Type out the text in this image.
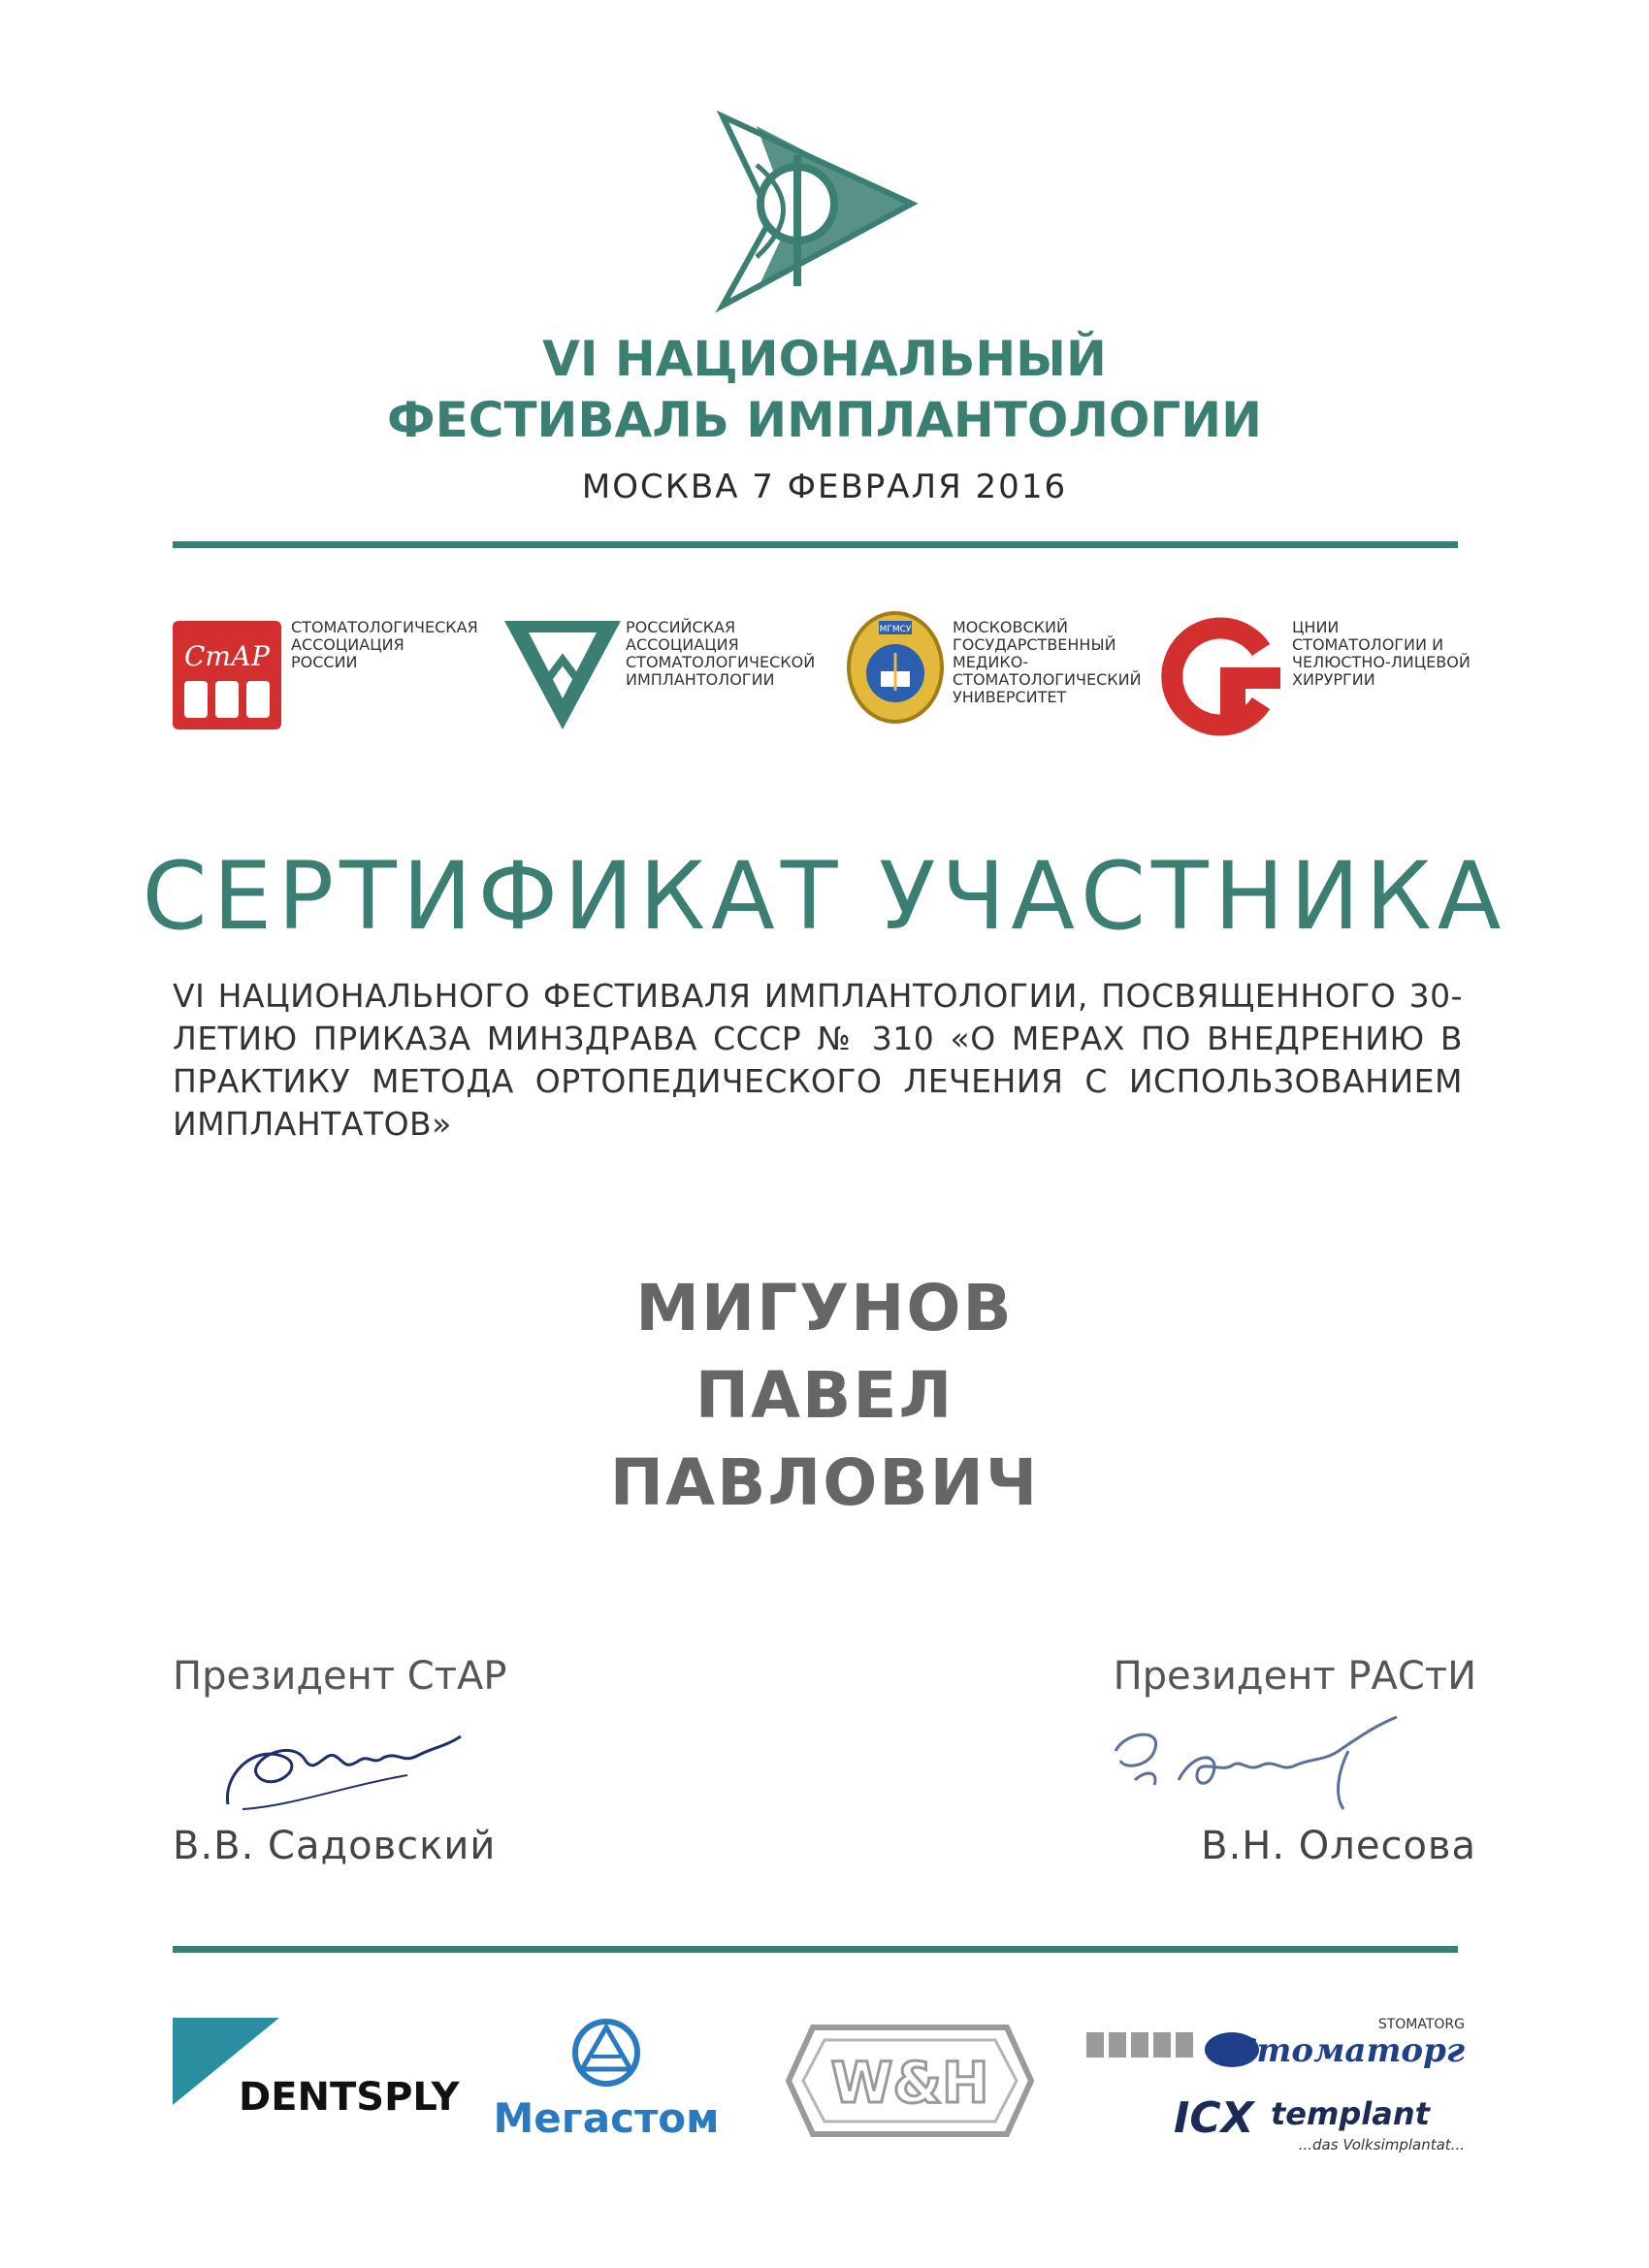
VI НАЦИОНАЛЬНЫЙ
ФЕСТИВАЛЬ ИМПЛАНТОЛОГИИ
МОСКВА 7 ФЕВРАЛЯ 2016
СтАР
СТОМАТОЛОГИЧЕСКАЯ
АССОЦИАЦИЯ
РОССИИ
РОССИЙСКАЯ
АССОЦИАЦИЯ
СТОМАТОЛОГИЧЕСКОЙ
ИМПЛАНТОЛОГИИ
МГМСУ	МОСКОВСКИЙ
ГОСУДАРСТВЕННЫЙ
МЕДИКО-
СТОМАТОЛОГИЧЕСКИЙ
УНИВЕРСИТЕТ
ЦНИИ
СТОМАТОЛОГИИ И
ЧЕЛЮСТНО-ЛИЦЕВОЙ
ХИРУРГИИ
СЕРТИФИКАТ УЧАСТНИКА
VI НАЦИОНАЛЬНОГО ФЕСТИВАЛЯ ИМПЛАНТОЛОГИИ, ПОСВЯЩЕННОГО 30-ЛЕТИЮ ПРИКАЗА МИНЗДРАВА СССР № 310 «О МЕРАХ ПО ВНЕДРЕНИЮ В ПРАКТИКУ МЕТОДА ОРТОПЕДИЧЕСКОГО ЛЕЧЕНИЯ С ИСПОЛЬЗОВАНИЕМ ИМПЛАНТАТОВ»
МИГУНОВ
ПАВЕЛ
ПАВЛОВИЧ
Президент СтАР
В.В. Садовский
Президент РАСтИ
В.Н. Олесова
DENTSPLY Мегастом
W&H
STOMATORG
Стоматорг
ICX templant
...das Volksimplantat...
